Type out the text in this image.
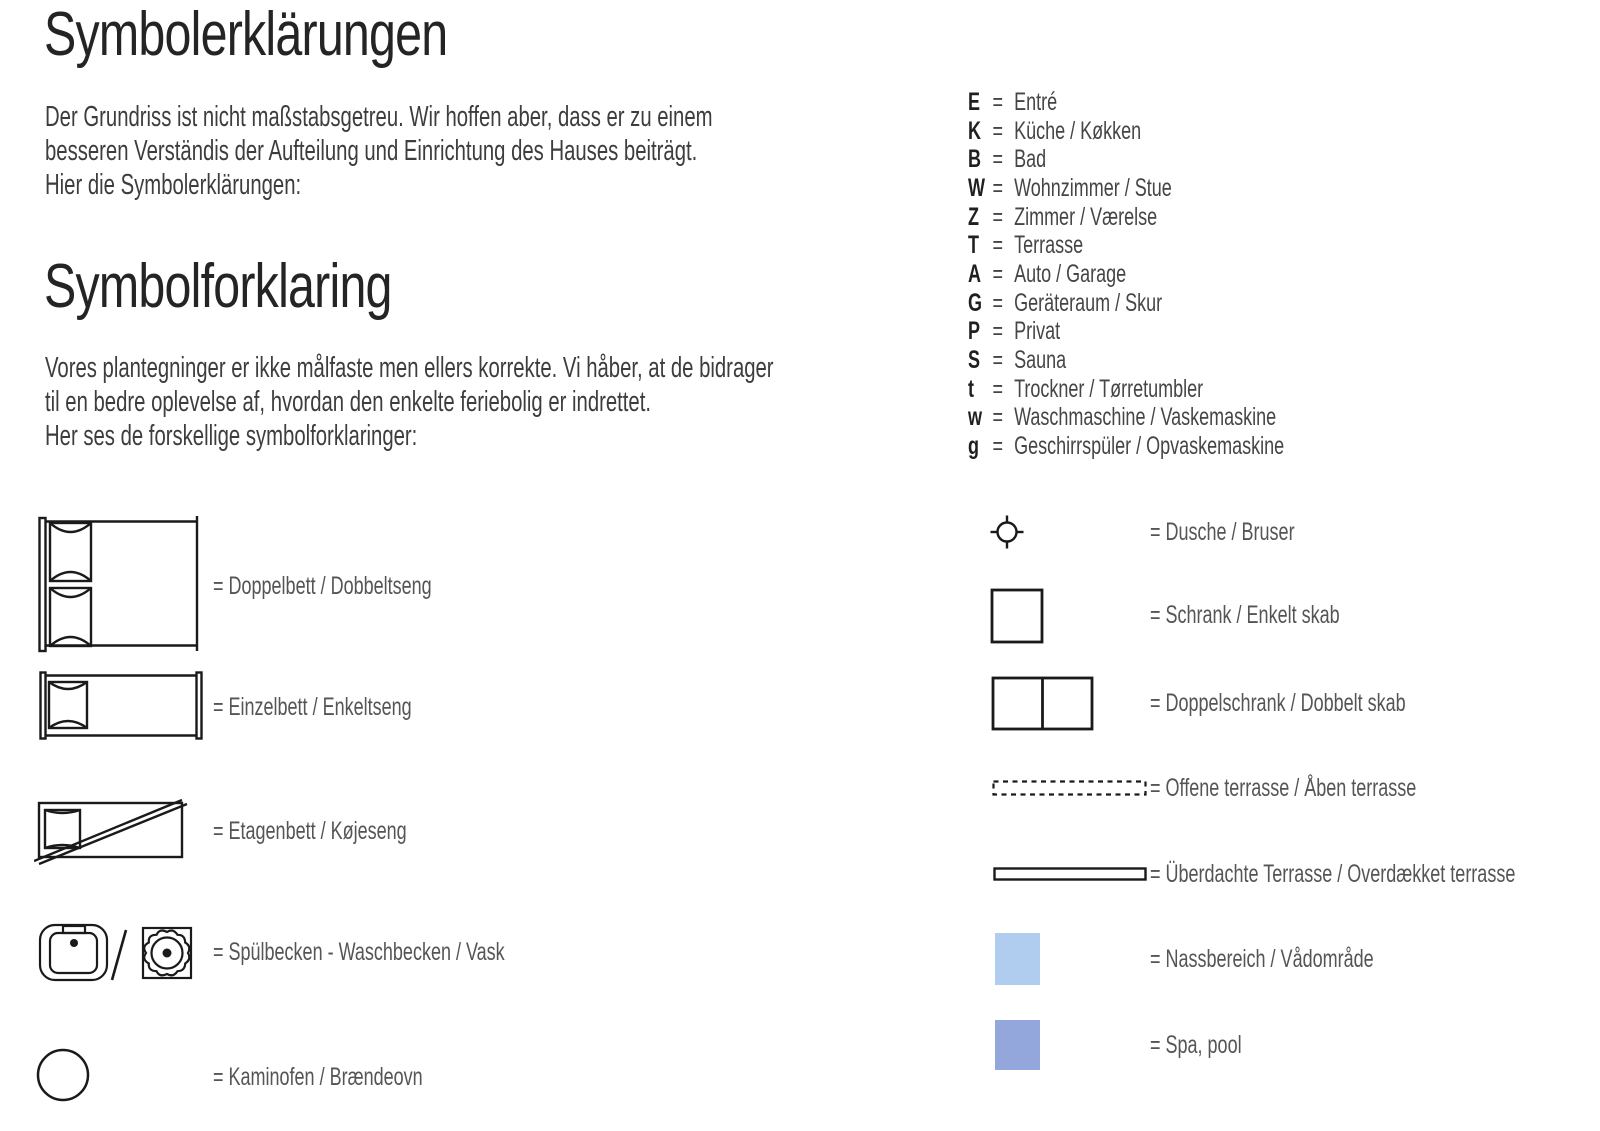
Symbolerklärungen
Der Grundriss ist nicht maßstabsgetreu. Wir hoffen aber, dass er zu einem
besseren Verständis der Aufteilung und Einrichtung des Hauses beiträgt.
Hier die Symbolerklärungen:
Symbolforklaring
Vores plantegninger er ikke målfaste men ellers korrekte. Vi håber, at de bidrager
til en bedre oplevelse af, hvordan den enkelte feriebolig er indrettet.
Her ses de forskellige symbolforklaringer:
E = Entré
K = Küche / Køkken
B = Bad
W = Wohnzimmer / Stue
Z = Zimmer / Værelse
T = Terrasse
A = Auto / Garage
G = Geräteraum / Skur
P = Privat
S = Sauna
t = Trockner / Tørretumbler
w = Waschmaschine / Vaskemaskine
g = Geschirrspüler / Opvaskemaskine
= Doppelbett / Dobbeltseng
= Einzelbett / Enkeltseng
= Etagenbett / Køjeseng
= Spülbecken - Waschbecken / Vask
= Kaminofen / Brændeovn
= Dusche / Bruser
= Schrank / Enkelt skab
= Doppelschrank / Dobbelt skab
= Offene terrasse / Åben terrasse
= Überdachte Terrasse / Overdækket terrasse
= Nassbereich / Vådområde
= Spa, pool
